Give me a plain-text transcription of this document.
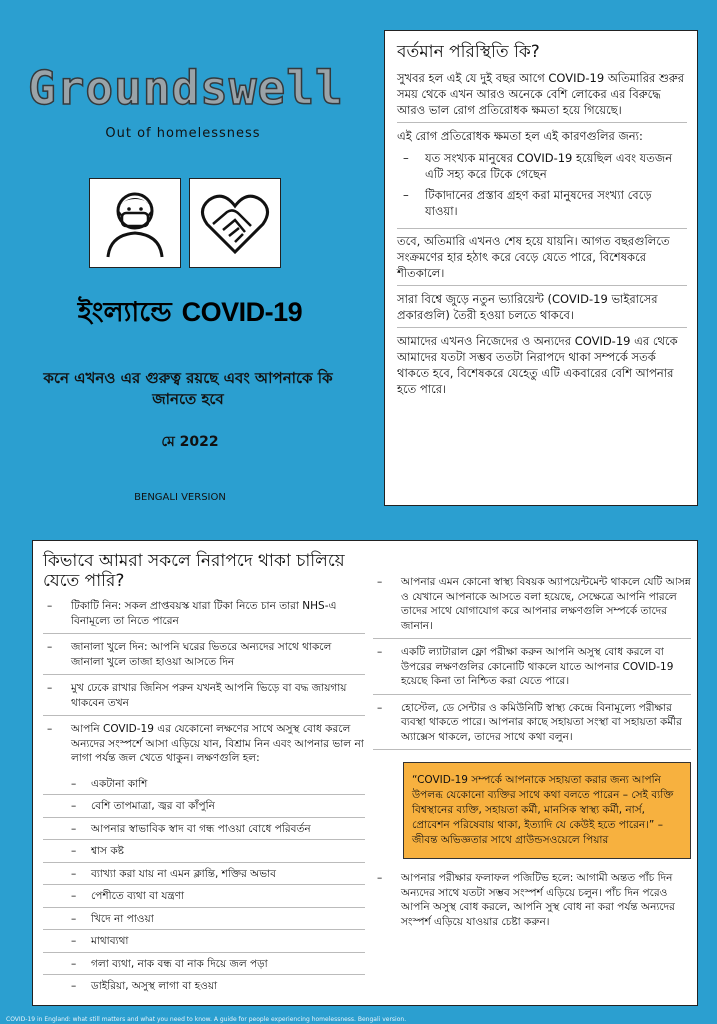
Groundswell
Out of homelessness
ইংল্যান্ডে COVID-19
কনে এখনও এর গুরুত্ব রয়ছে এবং আপনাকে কি জানতে হবে
মে 2022
BENGALI VERSION
বর্তমান পরিস্থিতি কি?

সুখবর হল এই যে দুই বছর আগে COVID-19 অতিমারির শুরুর সময় থেকে এখন আরও অনেকে বেশি লোকের এর বিরুদ্ধে আরও ভাল রোগ প্রতিরোধক ক্ষমতা হয়ে গিয়েছে।

এই রোগ প্রতিরোধক ক্ষমতা হল এই কারণগুলির জন্য:

– যত সংখ্যক মানুষের COVID-19 হয়েছিল এবং যতজন এটি সহ্য করে টিকে গেছেন
– টিকাদানের প্রস্তাব গ্রহণ করা মানুষদের সংখ্যা বেড়ে যাওয়া।

তবে, অতিমারি এখনও শেষ হয়ে যায়নি। আগত বছরগুলিতে সংক্রমণের হার হঠাৎ করে বেড়ে যেতে পারে, বিশেষকরে শীতকালে।

সারা বিশ্বে জুড়ে নতুন ভ্যারিয়েন্ট (COVID-19 ভাইরাসের প্রকারগুলি) তৈরী হওয়া চলতে থাকবে।

আমাদের এখনও নিজেদের ও অন্যদের COVID-19 এর থেকে আমাদের যতটা সম্ভব ততটা নিরাপদে থাকা সম্পর্কে সতর্ক থাকতে হবে, বিশেষকরে যেহেতু এটি একবারের বেশি আপনার হতে পারে।

কিভাবে আমরা সকলে নিরাপদে থাকা চালিয়ে যেতে পারি?
– টিকাটি নিন: সকল প্রাপ্তবয়স্ক যারা টিকা নিতে চান তারা NHS-এ বিনামূল্যে তা নিতে পারেন
– জানালা খুলে দিন: আপনি ঘরের ভিতরে অন্যদের সাথে থাকলে জানালা খুলে তাজা হাওয়া আসতে দিন
– মুখ ঢেকে রাখার জিনিস পরুন যখনই আপনি ভিড়ে বা বদ্ধ জায়গায় থাকবেন তখন
– আপনি COVID-19 এর যেকোনো লক্ষণের সাথে অসুস্থ বোধ করলে অন্যদের সংস্পর্শে আসা এড়িয়ে যান, বিশ্রাম নিন এবং আপনার ভাল না লাগা পর্যন্ত জল খেতে থাকুন। লক্ষণগুলি হল:
– একটানা কাশি
– বেশি তাপমাত্রা, জ্বর বা কাঁপুনি
– আপনার স্বাভাবিক স্বাদ বা গন্ধ পাওয়া বোধে পরিবর্তন
– শ্বাস কষ্ট
– ব্যাখ্যা করা যায় না এমন ক্লান্তি, শক্তির অভাব
– পেশীতে ব্যথা বা যন্ত্রণা
– খিদে না পাওয়া
– মাথাব্যথা
– গলা ব্যথা, নাক বন্ধ বা নাক দিয়ে জল পড়া
– ডাইরিয়া, অসুস্থ লাগা বা হওয়া
– আপনার এমন কোনো স্বাস্থ্য বিষয়ক অ্যাপয়েন্টমেন্ট থাকলে যেটি আসন্ন ও যেখানে আপনাকে আসতে বলা হয়েছে, সেক্ষেত্রে আপনি পারলে তাদের সাথে যোগাযোগ করে আপনার লক্ষণগুলি সম্পর্কে তাদের জানান।
– একটি ল্যাটারাল ফ্লো পরীক্ষা করুন আপনি অসুস্থ বোধ করলে বা উপরের লক্ষণগুলির কোনোটি থাকলে যাতে আপনার COVID-19 হয়েছে কিনা তা নিশ্চিত করা যেতে পারে।
– হোস্টেল, ডে সেন্টার ও কমিউনিটি স্বাস্থ্য কেন্দ্রে বিনামূল্যে পরীক্ষার ব্যবস্থা থাকতে পারে। আপনার কাছে সহায়তা সংস্থা বা সহায়তা কর্মীর অ্যাক্সেস থাকলে, তাদের সাথে কথা বলুন।
“COVID-19 সম্পর্কে আপনাকে সহায়তা করার জন্য আপনি উপলব্ধ যেকোনো ব্যক্তির সাথে কথা বলতে পারেন – সেই ব্যক্তি বিশ্বস্থানের ব্যক্তি, সহায়তা কর্মী, মানসিক স্বাস্থ্য কর্মী, নার্স, প্রোবেশন পরিষেবায় থাকা, ইত্যাদি যে কেউই হতে পারেন।” – জীবন্ত অভিজ্ঞতার সাথে গ্রাউন্ডসওয়েলে পিয়ার
– আপনার পরীক্ষার ফলাফল পজিটিভ হলে: আগামী অন্তত পাঁচ দিন অন্যদের সাথে যতটা সম্ভব সংস্পর্শ এড়িয়ে চলুন। পাঁচ দিন পরেও আপনি অসুস্থ বোধ করলে, আপনি সুস্থ বোধ না করা পর্যন্ত অন্যদের সংস্পর্শ এড়িয়ে যাওয়ার চেষ্টা করুন।
COVID-19 in England: what still matters and what you need to know. A guide for people experiencing homelessness. Bengali version.
